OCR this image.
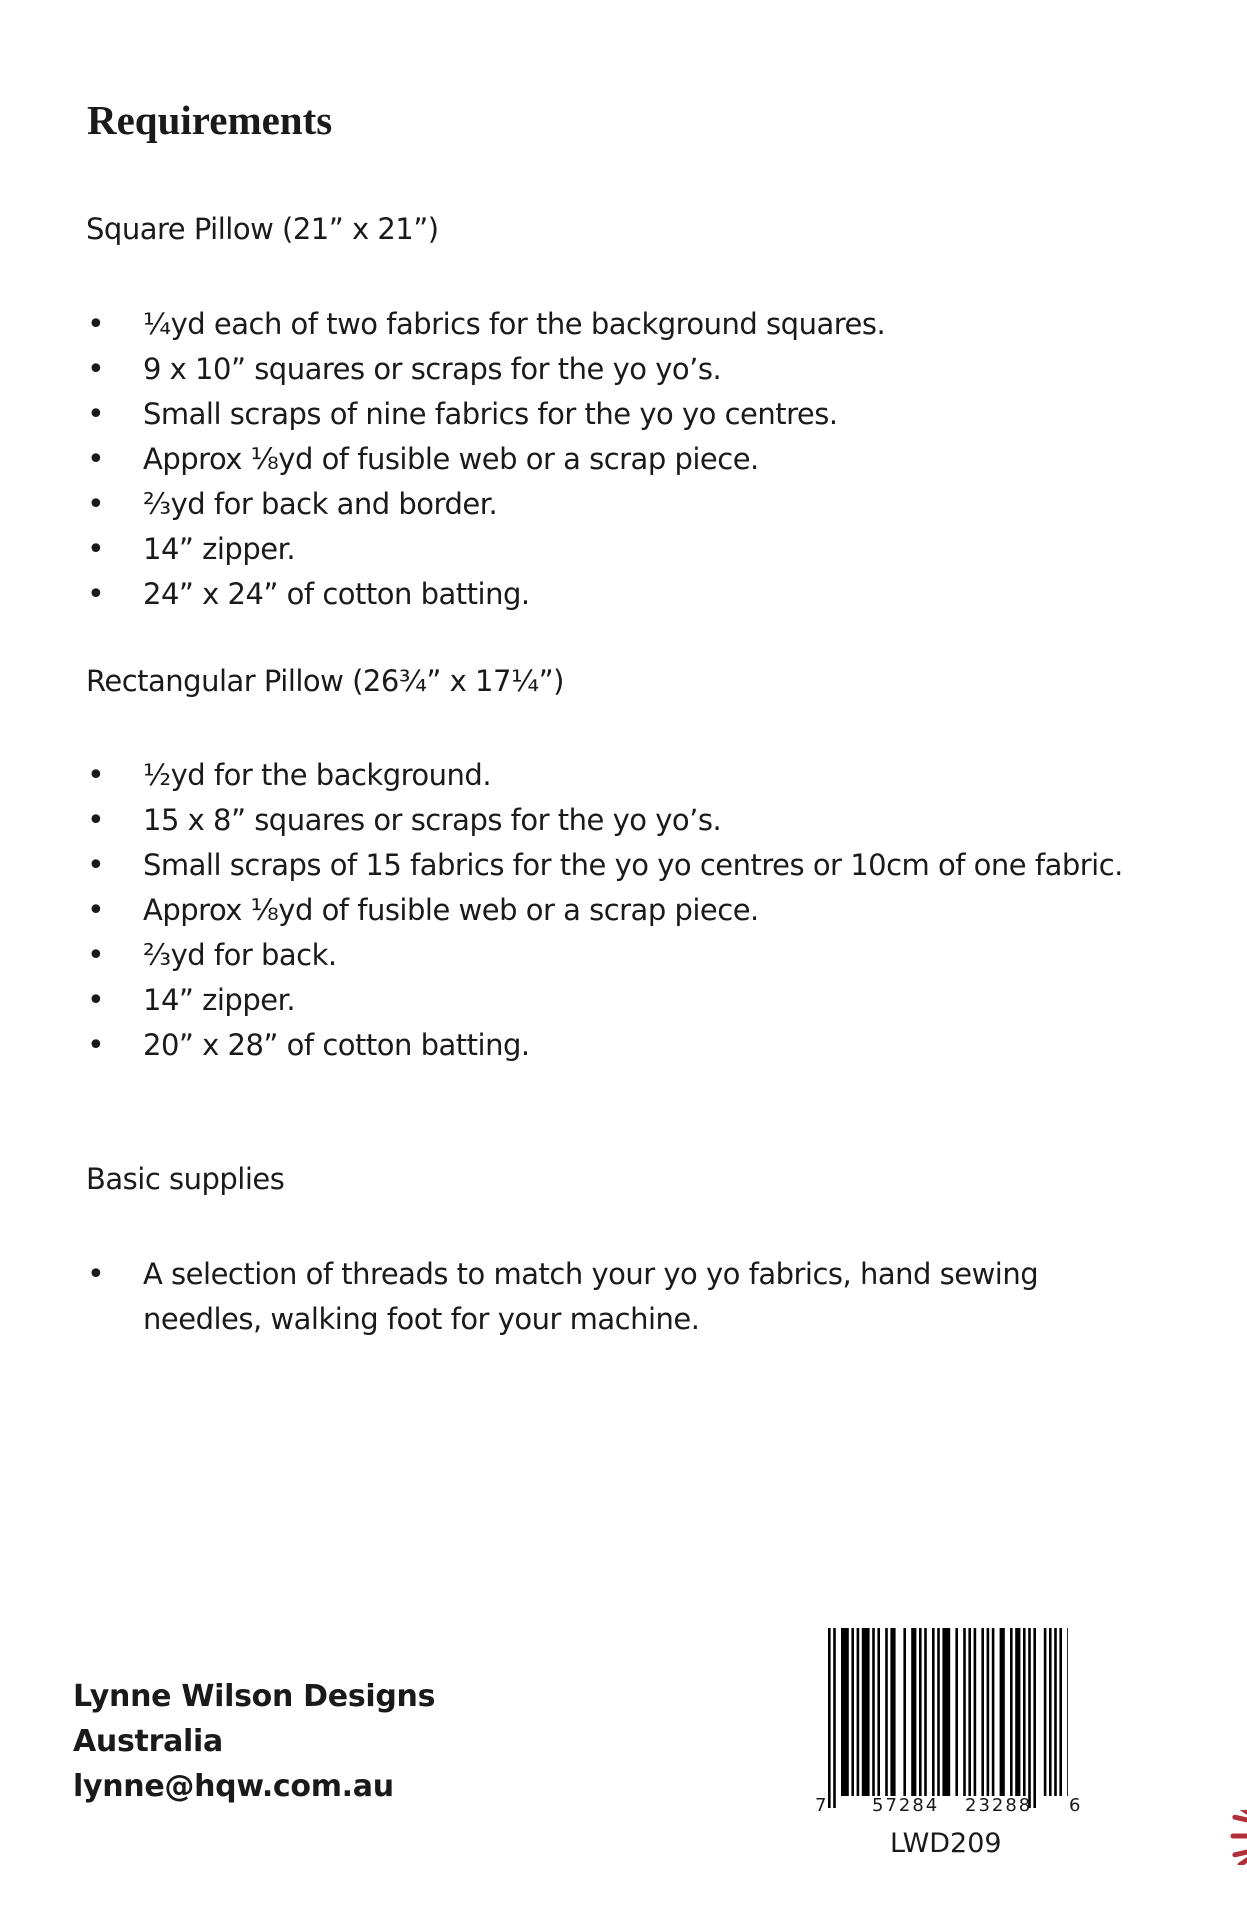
Requirements
Square Pillow (21” x 21”)
• ¼yd each of two fabrics for the background squares.
• 9 x 10” squares or scraps for the yo yo’s.
• Small scraps of nine fabrics for the yo yo centres.
• Approx ⅛yd of fusible web or a scrap piece.
• ⅔yd for back and border.
• 14” zipper.
• 24” x 24” of cotton batting.
Rectangular Pillow (26¾” x 17¼”)
• ½yd for the background.
• 15 x 8” squares or scraps for the yo yo’s.
• Small scraps of 15 fabrics for the yo yo centres or 10cm of one fabric.
• Approx ⅛yd of fusible web or a scrap piece.
• ⅔yd for back.
• 14” zipper.
• 20” x 28” of cotton batting.
Basic supplies
• A selection of threads to match your yo yo fabrics, hand sewing needles, walking foot for your machine.
Lynne Wilson Designs
Australia
lynne@hqw.com.au
7 57284 23288 6
LWD209
